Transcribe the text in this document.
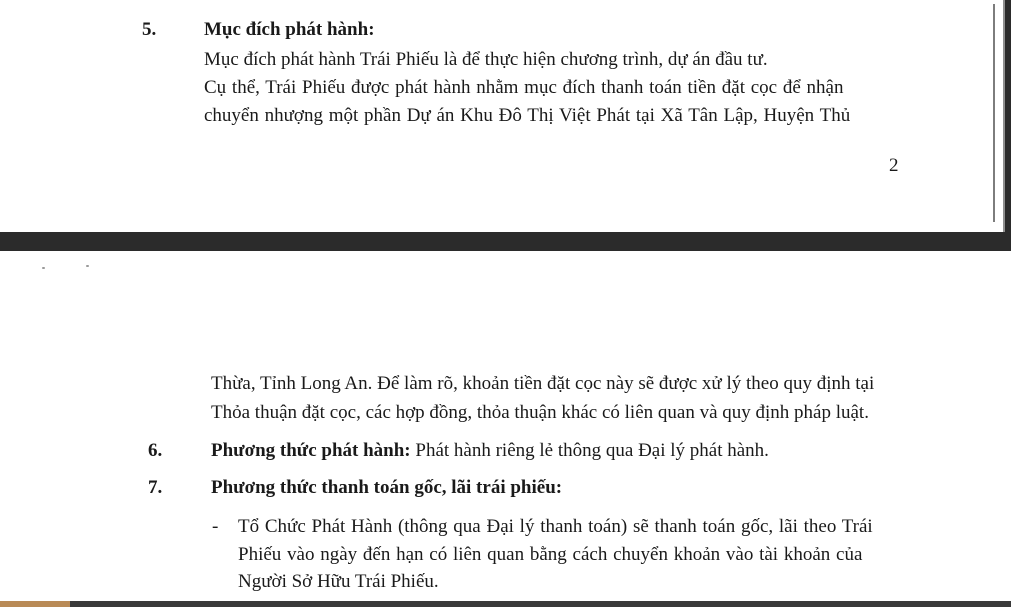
5.	Mục đích phát hành:

Mục đích phát hành Trái Phiếu là để thực hiện chương trình, dự án đầu tư.

Cụ thể, Trái Phiếu được phát hành nhằm mục đích thanh toán tiền đặt cọc để nhận

chuyển nhượng một phần Dự án Khu Đô Thị Việt Phát tại Xã Tân Lập, Huyện Thủ

2

Thừa, Tỉnh Long An. Để làm rõ, khoản tiền đặt cọc này sẽ được xử lý theo quy định tại

Thỏa thuận đặt cọc, các hợp đồng, thỏa thuận khác có liên quan và quy định pháp luật.

6.	Phương thức phát hành: Phát hành riêng lẻ thông qua Đại lý phát hành.

7.	Phương thức thanh toán gốc, lãi trái phiếu:

- Tổ Chức Phát Hành (thông qua Đại lý thanh toán) sẽ thanh toán gốc, lãi theo Trái

Phiếu vào ngày đến hạn có liên quan bằng cách chuyển khoản vào tài khoản của

Người Sở Hữu Trái Phiếu.
